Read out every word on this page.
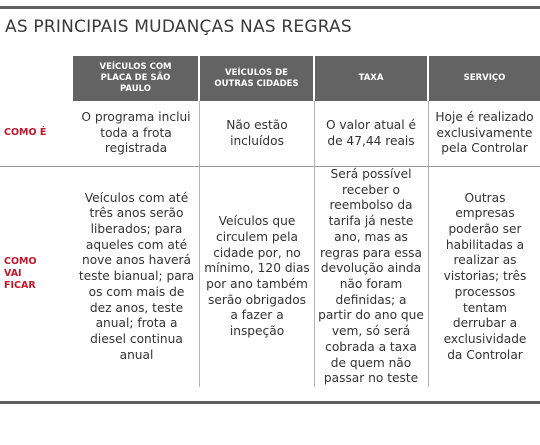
AS PRINCIPAIS MUDANÇAS NAS REGRAS
VEÍCULOS COM PLACA DE SÃO PAULO
VEÍCULOS DE OUTRAS CIDADES
TAXA	SERVIÇO
COMO É
O programa inclui toda a frota registrada
Não estão incluídos
O valor atual é de 47,44 reais
Hoje é realizado exclusivamente pela Controlar
COMO VAI FICAR
Veículos com até três anos serão liberados; para aqueles com até nove anos haverá teste bianual; para os com mais de dez anos, teste anual; frota a diesel continua anual
Veículos que circulem pela cidade por, no mínimo, 120 dias por ano também serão obrigados a fazer a inspeção
Será possível receber o reembolso da tarifa já neste ano, mas as regras para essa devolução ainda não foram definidas; a partir do ano que vem, só será cobrada a taxa de quem não passar no teste
Outras empresas poderão ser habilitadas a realizar as vistorias; três processos tentam derrubar a exclusividade da Controlar
